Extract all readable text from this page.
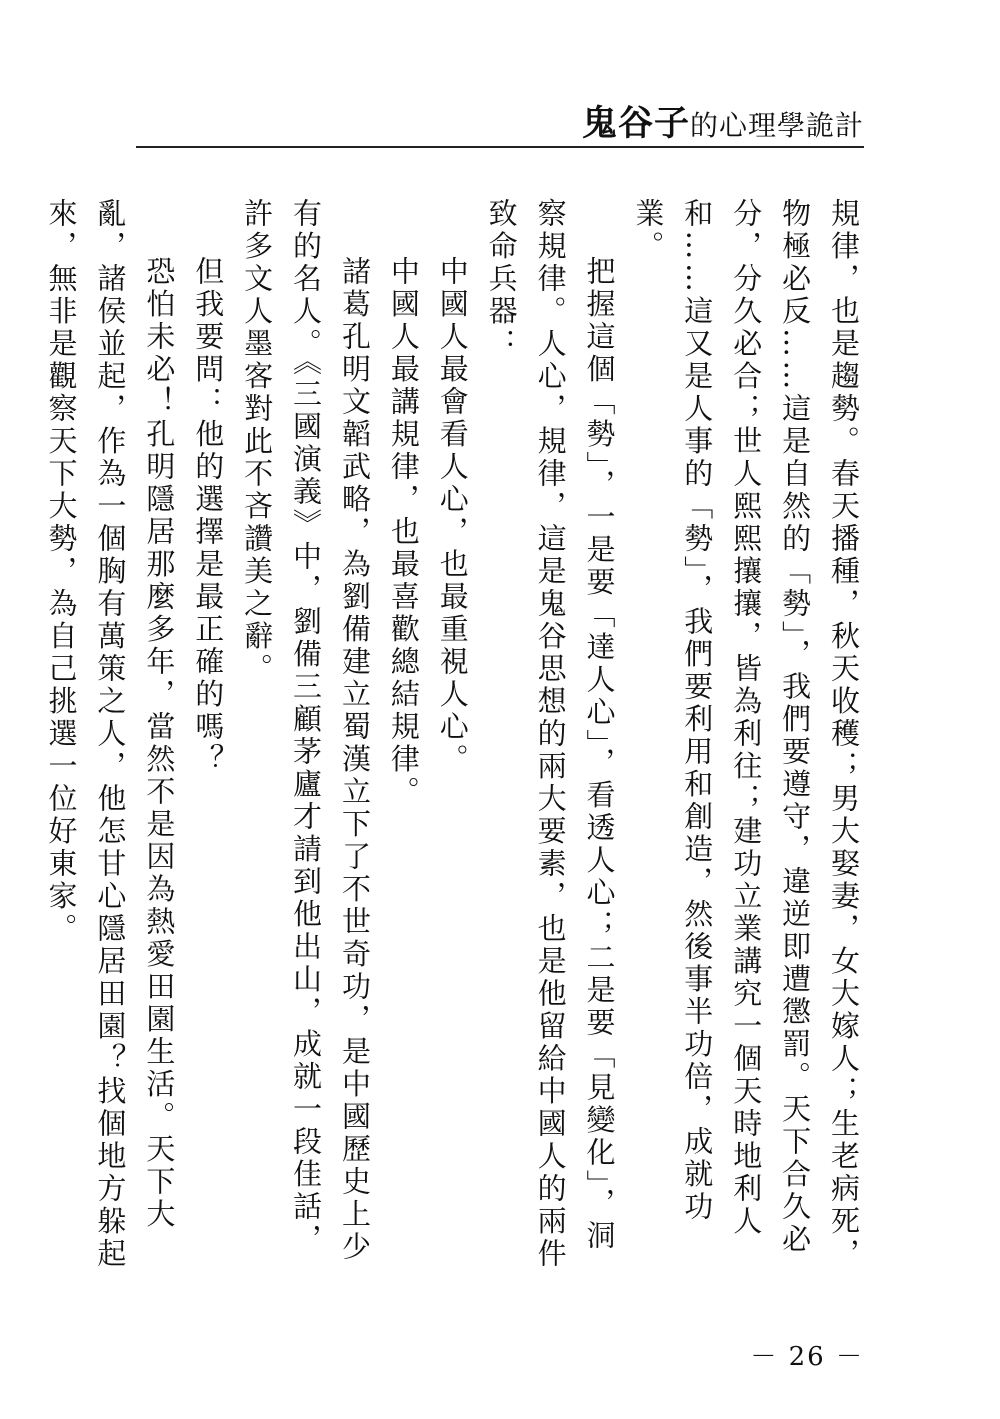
鬼谷子 的心理學詭計

規律，也是趨勢。春天播種，秋天收穫；男大娶妻，女大嫁人；生老病死，物極必反……這是自然的「勢」，我們要遵守，違逆即遭懲罰。天下合久必分，分久必合；世人熙熙攘攘，皆為利往；建功立業講究一個天時地利人和……這又是人事的「勢」，我們要利用和創造，然後事半功倍，成就功業。

把握這個「勢」，一是要「達人心」，看透人心；二是要「見變化」，洞察規律。人心，規律，這是鬼谷思想的兩大要素，也是他留給中國人的兩件致命兵器：

中國人最會看人心，也最重視人心。

中國人最講規律，也最喜歡總結規律。

諸葛孔明文韜武略，為劉備建立蜀漢立下了不世奇功，是中國歷史上少有的名人。《三國演義》中，劉備三顧茅廬才請到他出山，成就一段佳話，許多文人墨客對此不吝讚美之辭。

但我要問：他的選擇是最正確的嗎？

恐怕未必！孔明隱居那麼多年，當然不是因為熱愛田園生活。天下大亂，諸侯並起，作為一個胸有萬策之人，他怎甘心隱居田園？找個地方躲起來，無非是觀察天下大勢，為自己挑選一位好東家。

－ 26 －
